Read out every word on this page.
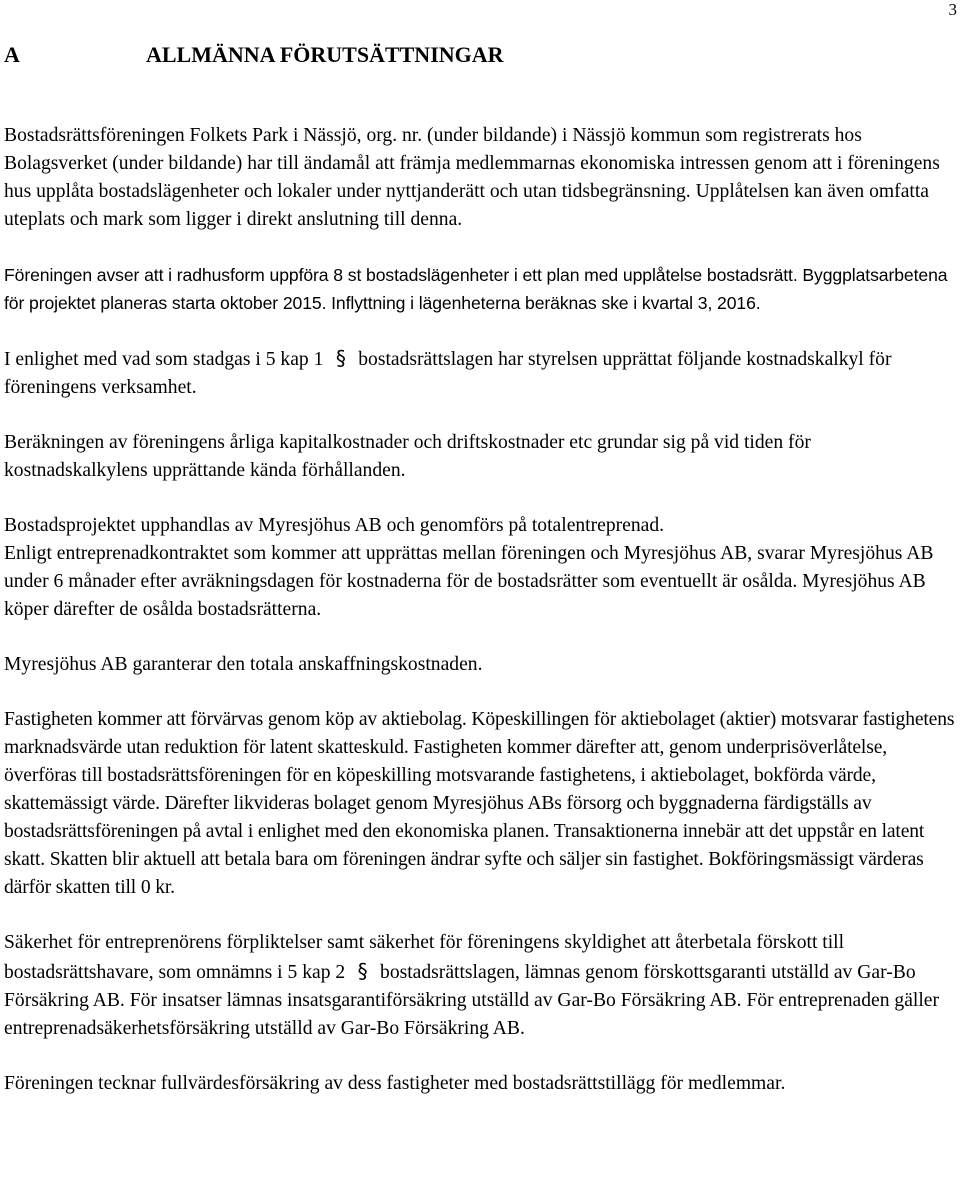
3
A	ALLMÄNNA FÖRUTSÄTTNINGAR

Bostadsrättsföreningen Folkets Park i Nässjö, org. nr. (under bildande) i Nässjö kommun som registrerats hos Bolagsverket (under bildande) har till ändamål att främja medlemmarnas ekonomiska intressen genom att i föreningens hus upplåta bostadslägenheter och lokaler under nyttjanderätt och utan tidsbegränsning. Upplåtelsen kan även omfatta uteplats och mark som ligger i direkt anslutning till denna.

Föreningen avser att i radhusform uppföra 8 st bostadslägenheter i ett plan med upplåtelse bostadsrätt. Byggplatsarbetena för projektet planeras starta oktober 2015. Inflyttning i lägenheterna beräknas ske i kvartal 3, 2016.

I enlighet med vad som stadgas i 5 kap 1 § bostadsrättslagen har styrelsen upprättat följande kostnadskalkyl för föreningens verksamhet.

Beräkningen av föreningens årliga kapitalkostnader och driftskostnader etc grundar sig på vid tiden för kostnadskalkylens upprättande kända förhållanden.

Bostadsprojektet upphandlas av Myresjöhus AB och genomförs på totalentreprenad.

Enligt entreprenadkontraktet som kommer att upprättas mellan föreningen och Myresjöhus AB, svarar Myresjöhus AB under 6 månader efter avräkningsdagen för kostnaderna för de bostadsrätter som eventuellt är osålda. Myresjöhus AB köper därefter de osålda bostadsrätterna.

Myresjöhus AB garanterar den totala anskaffningskostnaden.

Fastigheten kommer att förvärvas genom köp av aktiebolag. Köpeskillingen för aktiebolaget (aktier) motsvarar fastighetens marknadsvärde utan reduktion för latent skatteskuld. Fastigheten kommer därefter att, genom underprisöverlåtelse, överföras till bostadsrättsföreningen för en köpeskilling motsvarande fastighetens, i aktiebolaget, bokförda värde, skattemässigt värde. Därefter likvideras bolaget genom Myresjöhus ABs försorg och byggnaderna färdigställs av bostadsrättsföreningen på avtal i enlighet med den ekonomiska planen. Transaktionerna innebär att det uppstår en latent skatt. Skatten blir aktuell att betala bara om föreningen ändrar syfte och säljer sin fastighet. Bokföringsmässigt värderas därför skatten till 0 kr.

Säkerhet för entreprenörens förpliktelser samt säkerhet för föreningens skyldighet att återbetala förskott till bostadsrättshavare, som omnämns i 5 kap 2 § bostadsrättslagen, lämnas genom förskottsgaranti utställd av Gar-Bo Försäkring AB. För insatser lämnas insatsgarantiförsäkring utställd av Gar-Bo Försäkring AB. För entreprenaden gäller entreprenadsäkerhetsförsäkring utställd av Gar-Bo Försäkring AB.

Föreningen tecknar fullvärdesförsäkring av dess fastigheter med bostadsrättstillägg för medlemmar.
